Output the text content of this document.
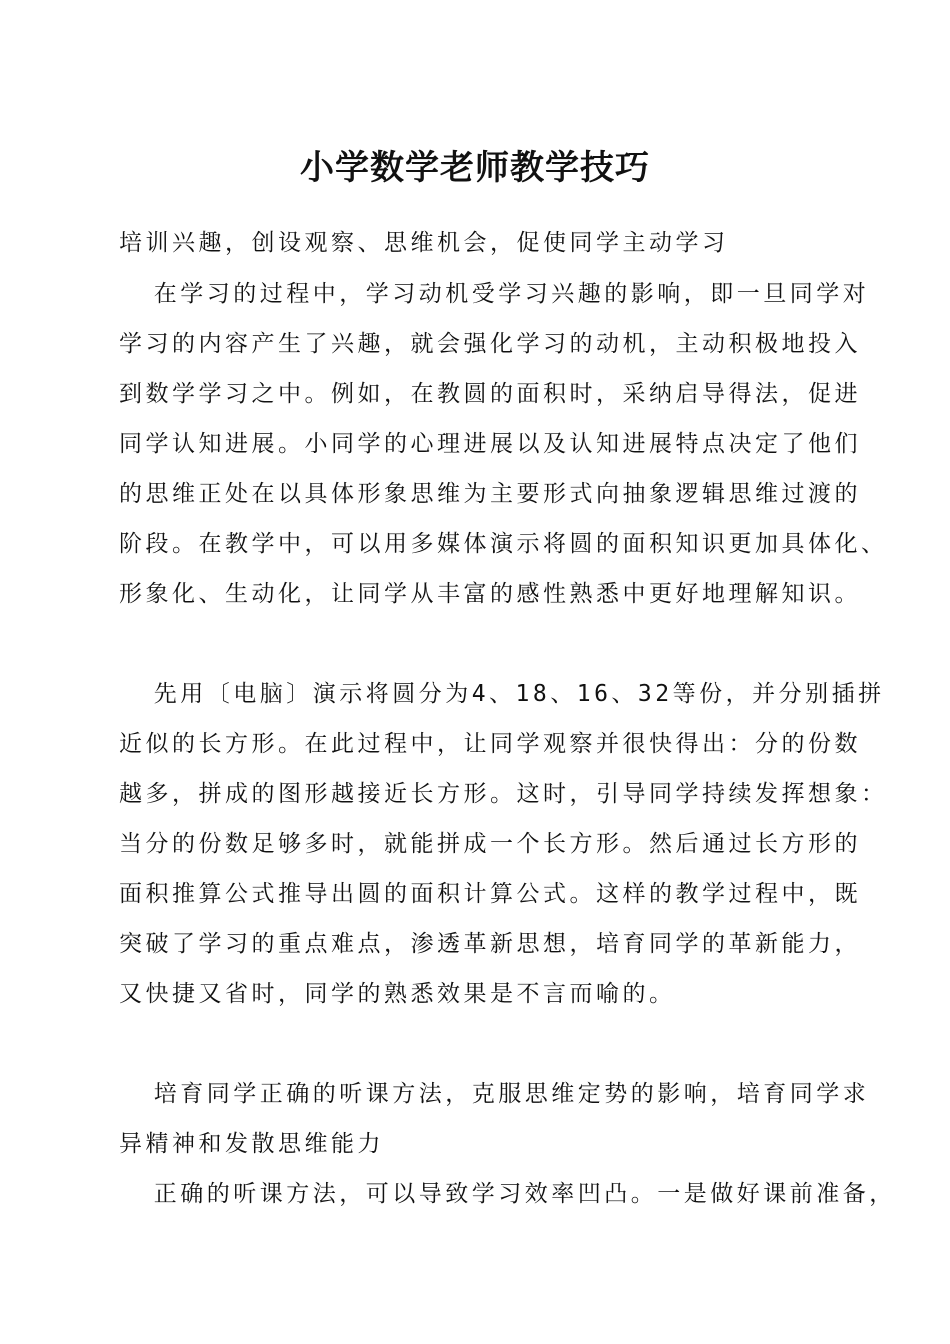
小学数学老师教学技巧
培训兴趣，创设观察、思维机会，促使同学主动学习
在学习的过程中，学习动机受学习兴趣的影响，即一旦同学对
学习的内容产生了兴趣，就会强化学习的动机，主动积极地投入
到数学学习之中。例如，在教圆的面积时，采纳启导得法，促进
同学认知进展。小同学的心理进展以及认知进展特点决定了他们
的思维正处在以具体形象思维为主要形式向抽象逻辑思维过渡的
阶段。在教学中，可以用多媒体演示将圆的面积知识更加具体化、
形象化、生动化，让同学从丰富的感性熟悉中更好地理解知识。
先用〔电脑〕演示将圆分为4、18、16、32等份，并分别插拼
近似的长方形。在此过程中，让同学观察并很快得出：分的份数
越多，拼成的图形越接近长方形。这时，引导同学持续发挥想象：
当分的份数足够多时，就能拼成一个长方形。然后通过长方形的
面积推算公式推导出圆的面积计算公式。这样的教学过程中，既
突破了学习的重点难点，渗透革新思想，培育同学的革新能力，
又快捷又省时，同学的熟悉效果是不言而喻的。
培育同学正确的听课方法，克服思维定势的影响，培育同学求
异精神和发散思维能力
正确的听课方法，可以导致学习效率凹凸。一是做好课前准备，
